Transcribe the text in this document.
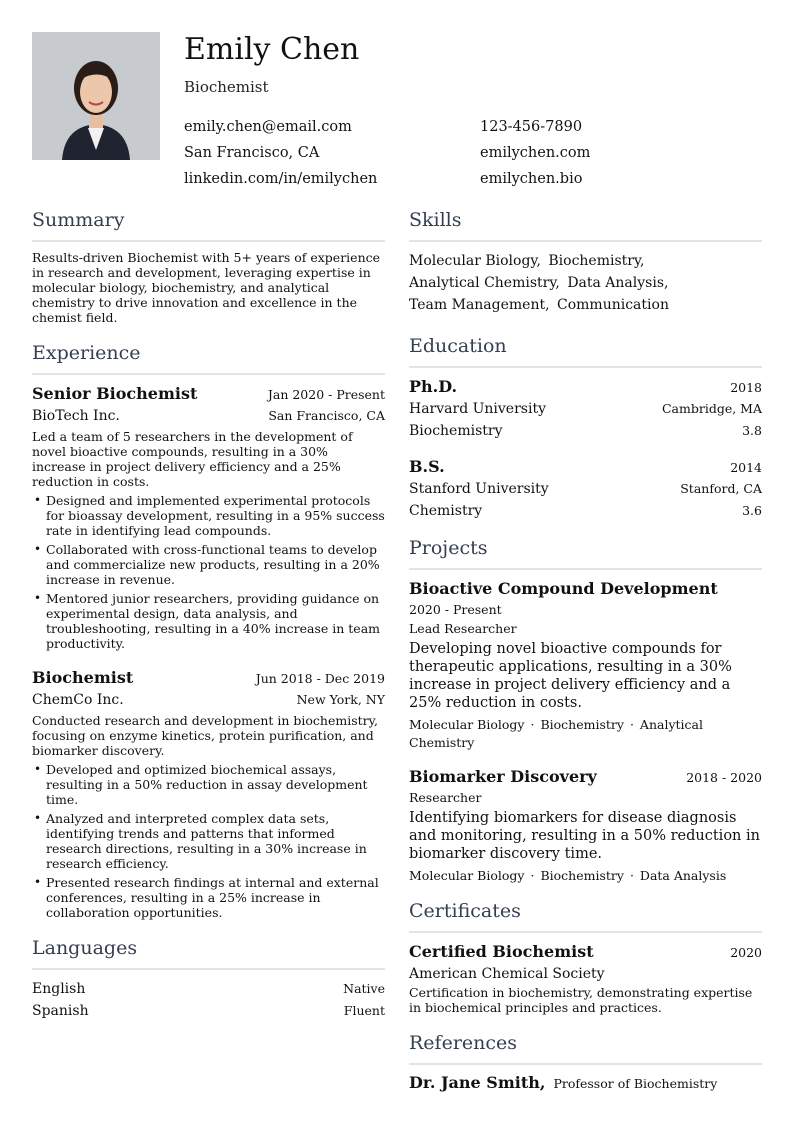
Emily Chen
Biochemist
emily.chen@email.com
San Francisco, CA
linkedin.com/in/emilychen
123-456-7890
emilychen.com
emilychen.bio
Summary
Results-driven Biochemist with 5+ years of experience in research and development, leveraging expertise in molecular biology, biochemistry, and analytical chemistry to drive innovation and excellence in the chemist field.
Experience
Senior Biochemist	Jan 2020 - Present
BioTech Inc.	San Francisco, CA
Led a team of 5 researchers in the development of novel bioactive compounds, resulting in a 30% increase in project delivery efficiency and a 25% reduction in costs.
• Designed and implemented experimental protocols for bioassay development, resulting in a 95% success rate in identifying lead compounds.
• Collaborated with cross-functional teams to develop and commercialize new products, resulting in a 20% increase in revenue.
• Mentored junior researchers, providing guidance on experimental design, data analysis, and troubleshooting, resulting in a 40% increase in team productivity.
Biochemist	Jun 2018 - Dec 2019
ChemCo Inc.	New York, NY
Conducted research and development in biochemistry, focusing on enzyme kinetics, protein purification, and biomarker discovery.
• Developed and optimized biochemical assays, resulting in a 50% reduction in assay development time.
• Analyzed and interpreted complex data sets, identifying trends and patterns that informed research directions, resulting in a 30% increase in research efficiency.
• Presented research findings at internal and external conferences, resulting in a 25% increase in collaboration opportunities.
Languages
English	Native
Spanish	Fluent
Skills
Molecular Biology, Biochemistry,
Analytical Chemistry, Data Analysis,
Team Management, Communication
Education
Ph.D.	2018
Harvard University	Cambridge, MA
Biochemistry	3.8
B.S.	2014
Stanford University	Stanford, CA
Chemistry	3.6
Projects
Bioactive Compound Development
2020 - Present
Lead Researcher
Developing novel bioactive compounds for therapeutic applications, resulting in a 30% increase in project delivery efficiency and a 25% reduction in costs.
Molecular Biology · Biochemistry · Analytical Chemistry
Biomarker Discovery	2018 - 2020
Researcher
Identifying biomarkers for disease diagnosis and monitoring, resulting in a 50% reduction in biomarker discovery time.
Molecular Biology · Biochemistry · Data Analysis
Certificates
Certified Biochemist	2020
American Chemical Society
Certification in biochemistry, demonstrating expertise in biochemical principles and practices.
References
Dr. Jane Smith, Professor of Biochemistry
